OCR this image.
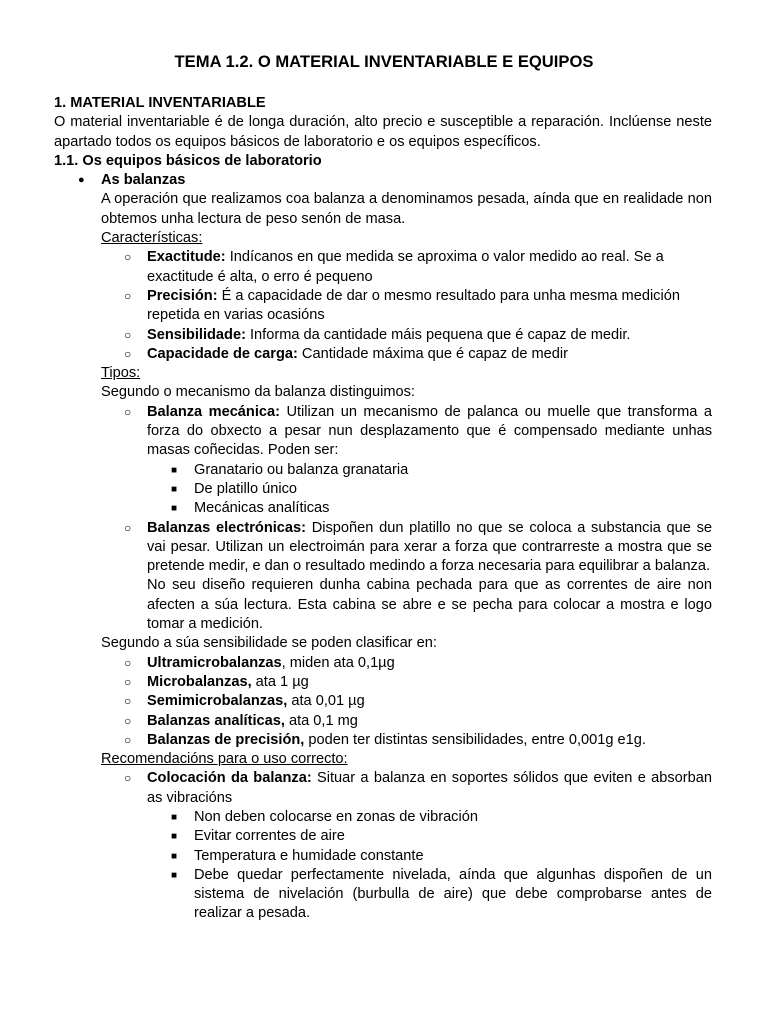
TEMA 1.2. O MATERIAL INVENTARIABLE E EQUIPOS

1. MATERIAL INVENTARIABLE

O material inventariable é de longa duración, alto precio e susceptible a reparación. Inclúense neste apartado todos os equipos básicos de laboratorio e os equipos específicos.

1.1. Os equipos básicos de laboratorio

● As balanzas

A operación que realizamos coa balanza a denominamos pesada, aínda que en realidade non obtemos unha lectura de peso senón de masa.

Características:

○ Exactitude: Indícanos en que medida se aproxima o valor medido ao real. Se a exactitude é alta, o erro é pequeno
○ Precisión: É a capacidade de dar o mesmo resultado para unha mesma medición repetida en varias ocasións
○ Sensibilidade: Informa da cantidade máis pequena que é capaz de medir.
○ Capacidade de carga: Cantidade máxima que é capaz de medir

Tipos:

Segundo o mecanismo da balanza distinguimos:

○ Balanza mecánica: Utilizan un mecanismo de palanca ou muelle que transforma a forza do obxecto a pesar nun desplazamento que é compensado mediante unhas masas coñecidas. Poden ser:
■ Granatario ou balanza granataria
■ De platillo único
■ Mecánicas analíticas

○ Balanzas electrónicas: Dispoñen dun platillo no que se coloca a substancia que se vai pesar. Utilizan un electroimán para xerar a forza que contrarreste a mostra que se pretende medir, e dan o resultado medindo a forza necesaria para equilibrar a balanza.

No seu diseño requieren dunha cabina pechada para que as correntes de aire non afecten a súa lectura. Esta cabina se abre e se pecha para colocar a mostra e logo tomar a medición.

Segundo a súa sensibilidade se poden clasificar en:

○ Ultramicrobalanzas, miden ata 0,1µg
○ Microbalanzas, ata 1 µg
○ Semimicrobalanzas, ata 0,01 µg
○ Balanzas analíticas, ata 0,1 mg
○ Balanzas de precisión, poden ter distintas sensibilidades, entre 0,001g e1g.

Recomendacións para o uso correcto:

○ Colocación da balanza: Situar a balanza en soportes sólidos que eviten e absorban as vibracións
■ Non deben colocarse en zonas de vibración
■ Evitar correntes de aire
■ Temperatura e humidade constante
■ Debe quedar perfectamente nivelada, aínda que algunhas dispoñen de un sistema de nivelación (burbulla de aire) que debe comprobarse antes de realizar a pesada.
